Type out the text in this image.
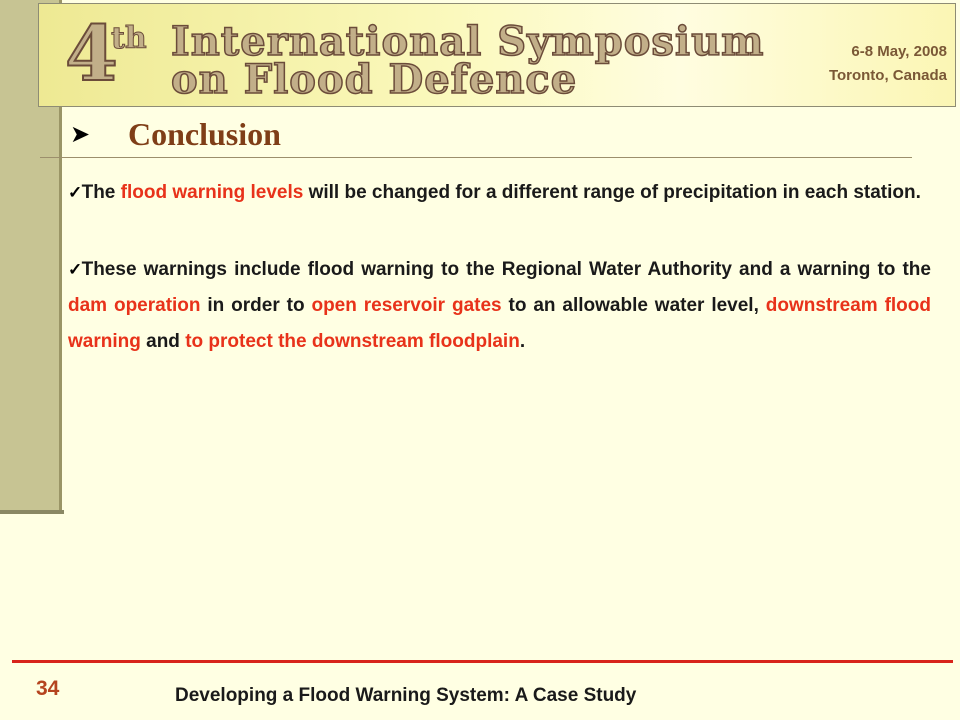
4
th International Symposium
on Flood Defence
6-8 May, 2008
Toronto, Canada
➤	Conclusion

✓The flood warning levels will be changed for a different range of precipitation in each station.

✓These warnings include flood warning to the Regional Water Authority and a warning to the dam operation in order to open reservoir gates to an allowable water level, downstream flood warning and to protect the downstream floodplain.

34	Developing a Flood Warning System: A Case Study
